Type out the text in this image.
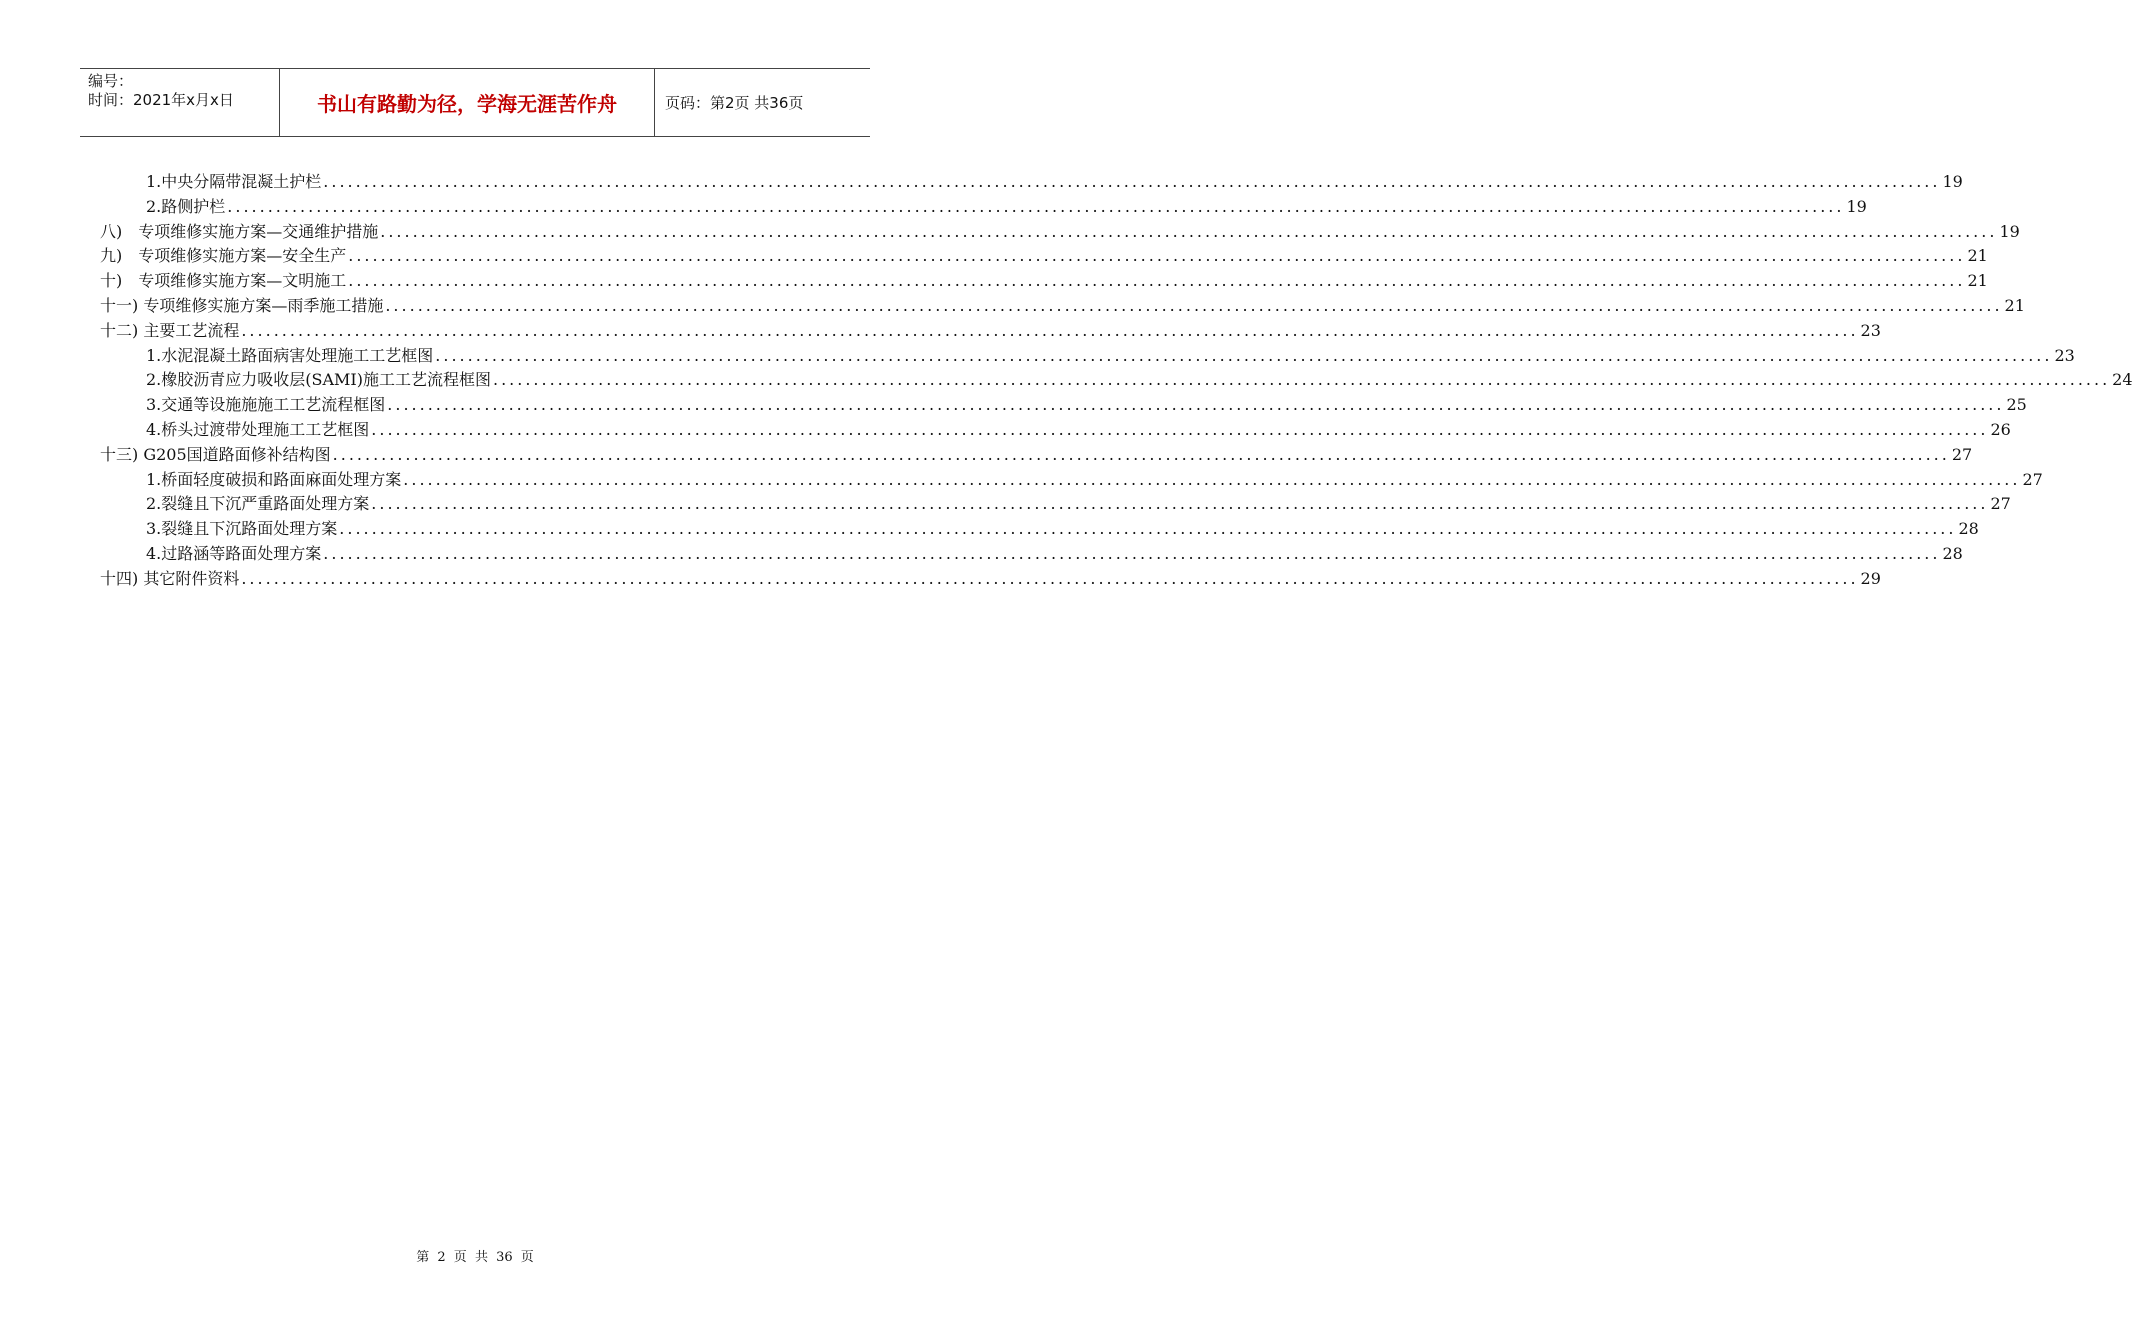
编号：
时间：2021年x月x日	书山有路勤为径，学海无涯苦作舟	页码：第2页 共36页
1.中央分隔带混凝土护栏 ........................................................................................................................................................................................................ 19
2.路侧护栏 ........................................................................................................................................................................................................ 19
八)　专项维修实施方案—交通维护措施 ........................................................................................................................................................................................................ 19
九)　专项维修实施方案—安全生产 ........................................................................................................................................................................................................ 21
十)　专项维修实施方案—文明施工 ........................................................................................................................................................................................................ 21
十一) 专项维修实施方案—雨季施工措施 ........................................................................................................................................................................................................ 21
十二) 主要工艺流程 ........................................................................................................................................................................................................ 23
1.水泥混凝土路面病害处理施工工艺框图 ........................................................................................................................................................................................................ 23
2.橡胶沥青应力吸收层(SAMI)施工工艺流程框图 ........................................................................................................................................................................................................ 24
3.交通等设施施施工工艺流程框图 ........................................................................................................................................................................................................ 25
4.桥头过渡带处理施工工艺框图 ........................................................................................................................................................................................................ 26
十三) G205国道路面修补结构图 ........................................................................................................................................................................................................ 27
1.桥面轻度破损和路面麻面处理方案 ........................................................................................................................................................................................................ 27
2.裂缝且下沉严重路面处理方案 ........................................................................................................................................................................................................ 27
3.裂缝且下沉路面处理方案 ........................................................................................................................................................................................................ 28
4.过路涵等路面处理方案 ........................................................................................................................................................................................................ 28
十四) 其它附件资料 ........................................................................................................................................................................................................ 29
第 2 页 共 36 页
